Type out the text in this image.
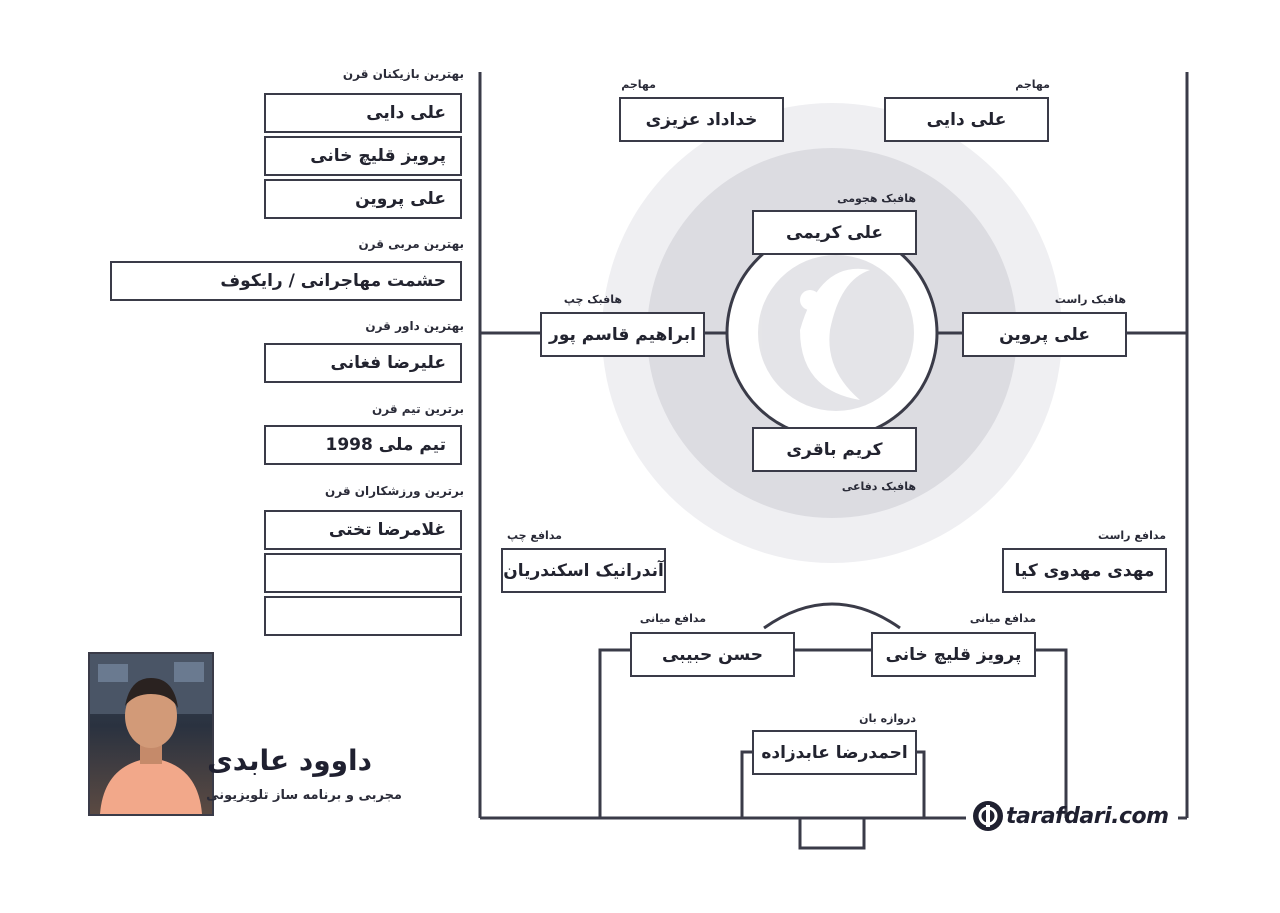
بهترین بازیکنان قرن
علی دایی
پرویز قلیچ خانی
علی پروین
بهترین مربی قرن
حشمت مهاجرانی / رایکوف
بهترین داور قرن
علیرضا فغانی
برترین تیم قرن
تیم ملی 1998
برترین ورزشکاران قرن
غلامرضا تختی
داوود عابدی
مجربی و برنامه ساز تلویزیونی
مهاجم
علی دایی
مهاجم
خداداد عزیزی
هافبک هجومی
علی کریمی
هافبک راست
علی پروین
هافبک چپ
ابراهیم قاسم پور
کریم باقری
هافبک دفاعی
مدافع راست
مهدی مهدوی کیا
مدافع چپ
آندرانیک اسکندریان
مدافع میانی
پرویز قلیچ خانی
مدافع میانی
حسن حبیبی
دروازه بان
احمدرضا عابدزاده
tarafdari.com
